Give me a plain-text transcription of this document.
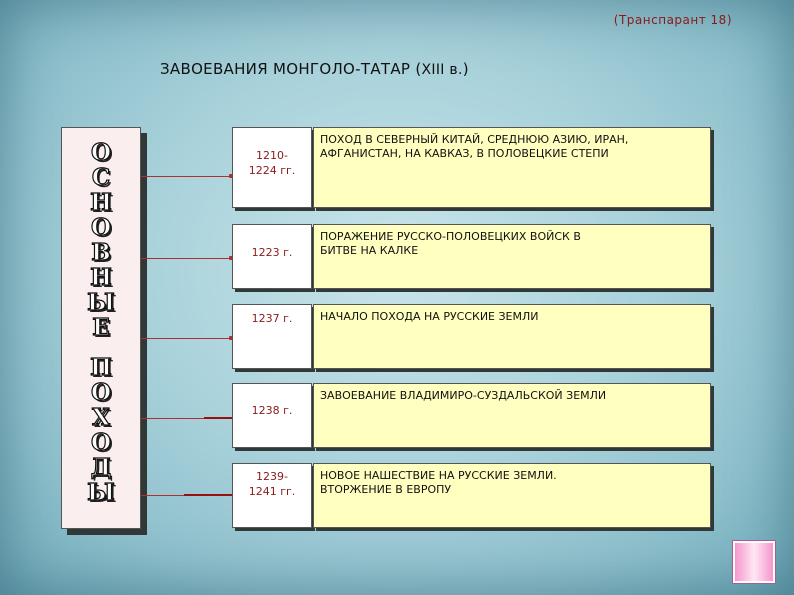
(Транспарант 18)
ЗАВОЕВАНИЯ МОНГОЛО-ТАТАР (XIII в.)
О
С
Н
О
В
Н
Ы
Е
П
О
Х
О
Д
Ы
1210-
1224 гг.
ПОХОД В СЕВЕРНЫЙ КИТАЙ, СРЕДНЮЮ АЗИЮ, ИРАН,
АФГАНИСТАН, НА КАВКАЗ, В ПОЛОВЕЦКИЕ СТЕПИ
1223 г.
ПОРАЖЕНИЕ РУССКО-ПОЛОВЕЦКИХ ВОЙСК В
БИТВЕ НА КАЛКЕ
1237 г.	НАЧАЛО ПОХОДА НА РУССКИЕ ЗЕМЛИ
1238 г.
ЗАВОЕВАНИЕ ВЛАДИМИРО-СУЗДАЛЬСКОЙ ЗЕМЛИ
1239-
1241 гг.
НОВОЕ НАШЕСТВИЕ НА РУССКИЕ ЗЕМЛИ.
ВТОРЖЕНИЕ В ЕВРОПУ
